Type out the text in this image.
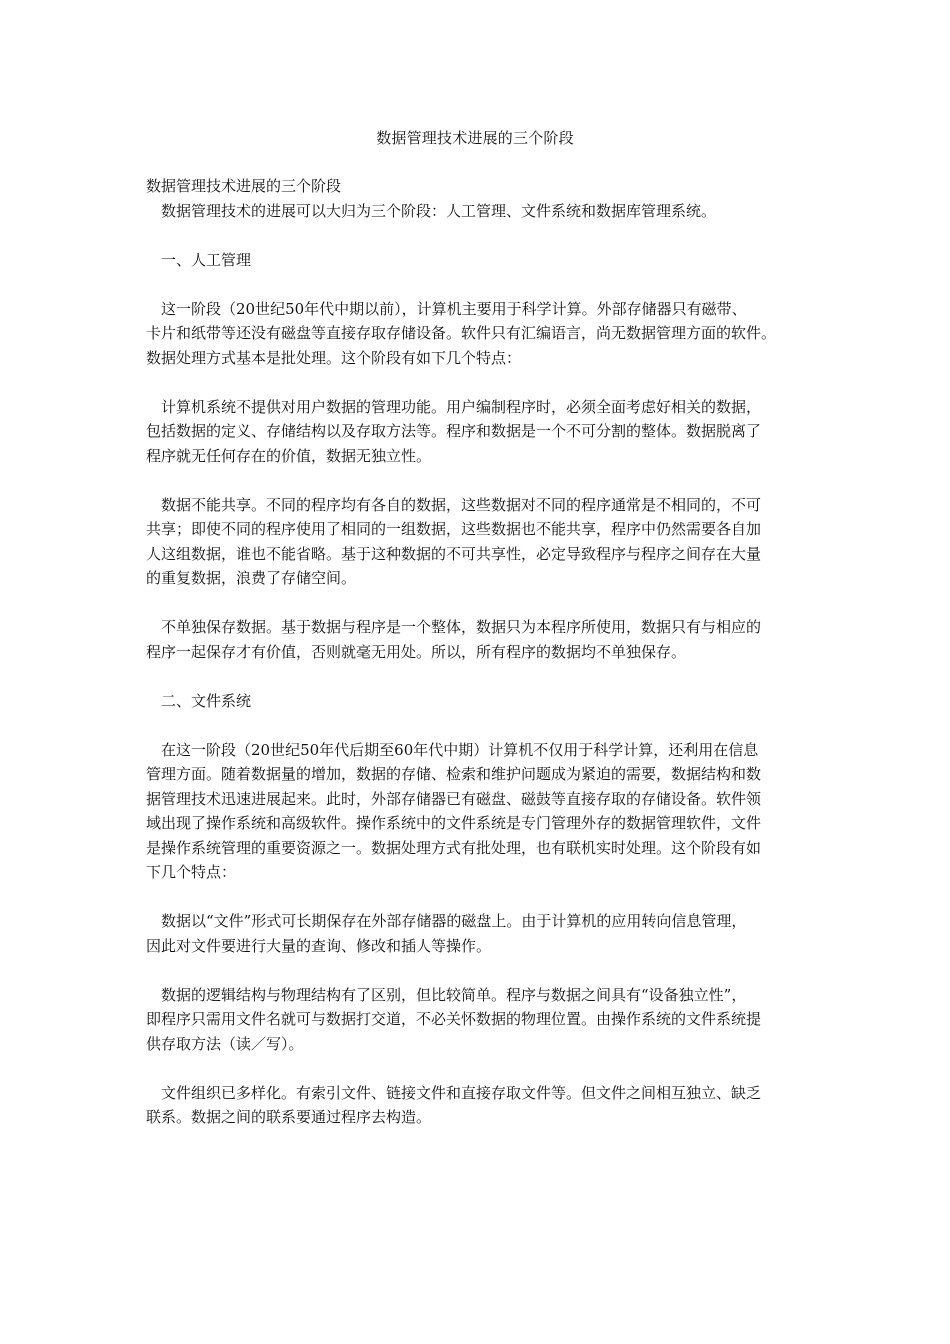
数据管理技术进展的三个阶段
数据管理技术进展的三个阶段
数据管理技术的进展可以大归为三个阶段：人工管理、文件系统和数据库管理系统。
一、人工管理
这一阶段（20世纪50年代中期以前），计算机主要用于科学计算。外部存储器只有磁带、
卡片和纸带等还没有磁盘等直接存取存储设备。软件只有汇编语言，尚无数据管理方面的软件。
数据处理方式基本是批处理。这个阶段有如下几个特点：
计算机系统不提供对用户数据的管理功能。用户编制程序时，必须全面考虑好相关的数据，
包括数据的定义、存储结构以及存取方法等。程序和数据是一个不可分割的整体。数据脱离了
程序就无任何存在的价值，数据无独立性。
数据不能共享。不同的程序均有各自的数据，这些数据对不同的程序通常是不相同的，不可
共享；即使不同的程序使用了相同的一组数据，这些数据也不能共享，程序中仍然需要各自加
人这组数据，谁也不能省略。基于这种数据的不可共享性，必定导致程序与程序之间存在大量
的重复数据，浪费了存储空间。
不单独保存数据。基于数据与程序是一个整体，数据只为本程序所使用，数据只有与相应的
程序一起保存才有价值，否则就毫无用处。所以，所有程序的数据均不单独保存。
二、文件系统
在这一阶段（20世纪50年代后期至60年代中期）计算机不仅用于科学计算，还利用在信息
管理方面。随着数据量的增加，数据的存储、检索和维护问题成为紧迫的需要，数据结构和数
据管理技术迅速进展起来。此时，外部存储器已有磁盘、磁鼓等直接存取的存储设备。软件领
域出现了操作系统和高级软件。操作系统中的文件系统是专门管理外存的数据管理软件，文件
是操作系统管理的重要资源之一。数据处理方式有批处理，也有联机实时处理。这个阶段有如
下几个特点：
数据以“文件”形式可长期保存在外部存储器的磁盘上。由于计算机的应用转向信息管理，
因此对文件要进行大量的查询、修改和插人等操作。
数据的逻辑结构与物理结构有了区别，但比较简单。程序与数据之间具有“设备独立性”，
即程序只需用文件名就可与数据打交道，不必关怀数据的物理位置。由操作系统的文件系统提
供存取方法（读／写）。
文件组织已多样化。有索引文件、链接文件和直接存取文件等。但文件之间相互独立、缺乏
联系。数据之间的联系要通过程序去构造。
